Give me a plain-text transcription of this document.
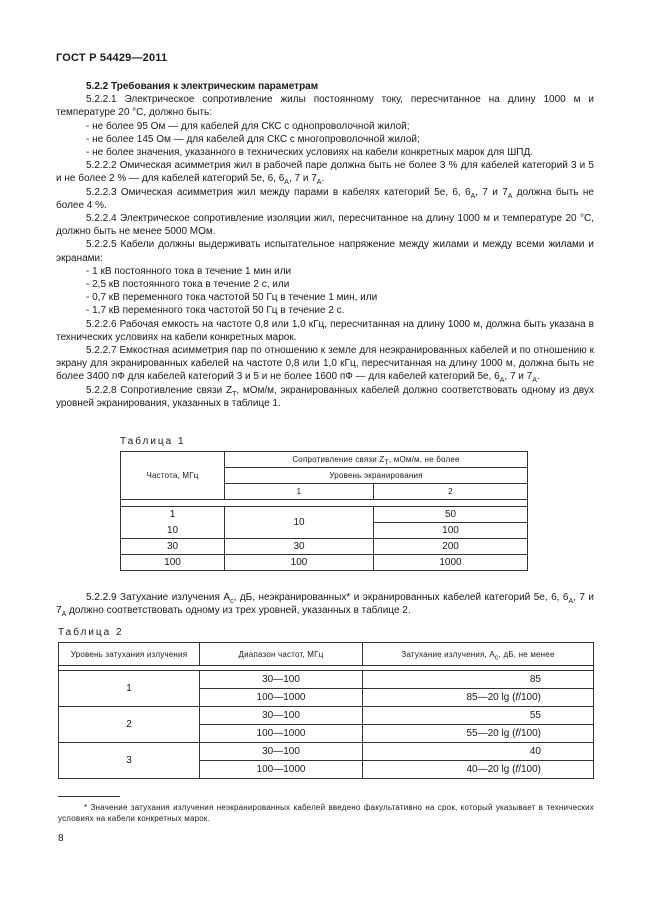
ГОСТ Р 54429—2011

5.2.2 Требования к электрическим параметрам

5.2.2.1 Электрическое сопротивление жилы постоянному току, пересчитанное на длину 1000 м и температуре 20 °С, должно быть:

- не более 95 Ом — для кабелей для СКС с однопроволочной жилой;

- не более 145 Ом — для кабелей для СКС с многопроволочной жилой;

- не более значения, указанного в технических условиях на кабели конкретных марок для ШПД.

5.2.2.2 Омическая асимметрия жил в рабочей паре должна быть не более 3 % для кабелей категорий 3 и 5 и не более 2 % — для кабелей категорий 5е, 6, $6_А$, 7 и $7_А$.

5.2.2.3 Омическая асимметрия жил между парами в кабелях категорий 5е, 6, $6_А$, 7 и $7_А$ должна быть не более 4 %.

5.2.2.4 Электрическое сопротивление изоляции жил, пересчитанное на длину 1000 м и температуре 20 °С, должно быть не менее 5000 МОм.

5.2.2.5 Кабели должны выдерживать испытательное напряжение между жилами и между всеми жилами и экранами:

- 1 кВ постоянного тока в течение 1 мин или

- 2,5 кВ постоянного тока в течение 2 с, или

- 0,7 кВ переменного тока частотой 50 Гц в течение 1 мин, или

- 1,7 кВ переменного тока частотой 50 Гц в течение 2 с.

5.2.2.6 Рабочая емкость на частоте 0,8 или 1,0 кГц, пересчитанная на длину 1000 м, должна быть указана в технических условиях на кабели конкретных марок.

5.2.2.7 Емкостная асимметрия пар по отношению к земле для неэкранированных кабелей и по отношению к экрану для экранированных кабелей на частоте 0,8 или 1,0 кГц, пересчитанная на длину 1000 м, должна быть не более 3400 пФ для кабелей категорий 3 и 5 и не более 1600 пФ — для кабелей категорий 5е, $6_А$, 7 и $7_А$.

5.2.2.8 Сопротивление связи $Z_T$, мОм/м, экранированных кабелей должно соответствовать одному из двух уровней экранирования, указанных в таблице 1.

Таблица 1
Частота, МГц	Сопротивление связи $Z_T$, мОм/м, не более	
	Уровень экранирования	
	1	2

1	10	50
10		100
30	30	200
100	100	1000

5.2.2.9 Затухание излучения $A_с$, дБ, неэкранированных* и экранированных кабелей категорий 5е, 6, $6_А$, 7 и $7_А$ должно соответствовать одному из трех уровней, указанных в таблице 2.

Таблица 2
Уровень затухания излучения	Диапазон частот, МГц	Затухание излучения, $A_с$, дБ, не менее

1	30—100	85
	100—1000	85—20 lg (f/100)
2	30—100	55
	100—1000	55—20 lg (f/100)
3	30—100	40
	100—1000	40—20 lg (f/100)
* Значение затухания излучения неэкранированных кабелей введено факультативно на срок, который указывает в технических условиях на кабели конкретных марок.
8
